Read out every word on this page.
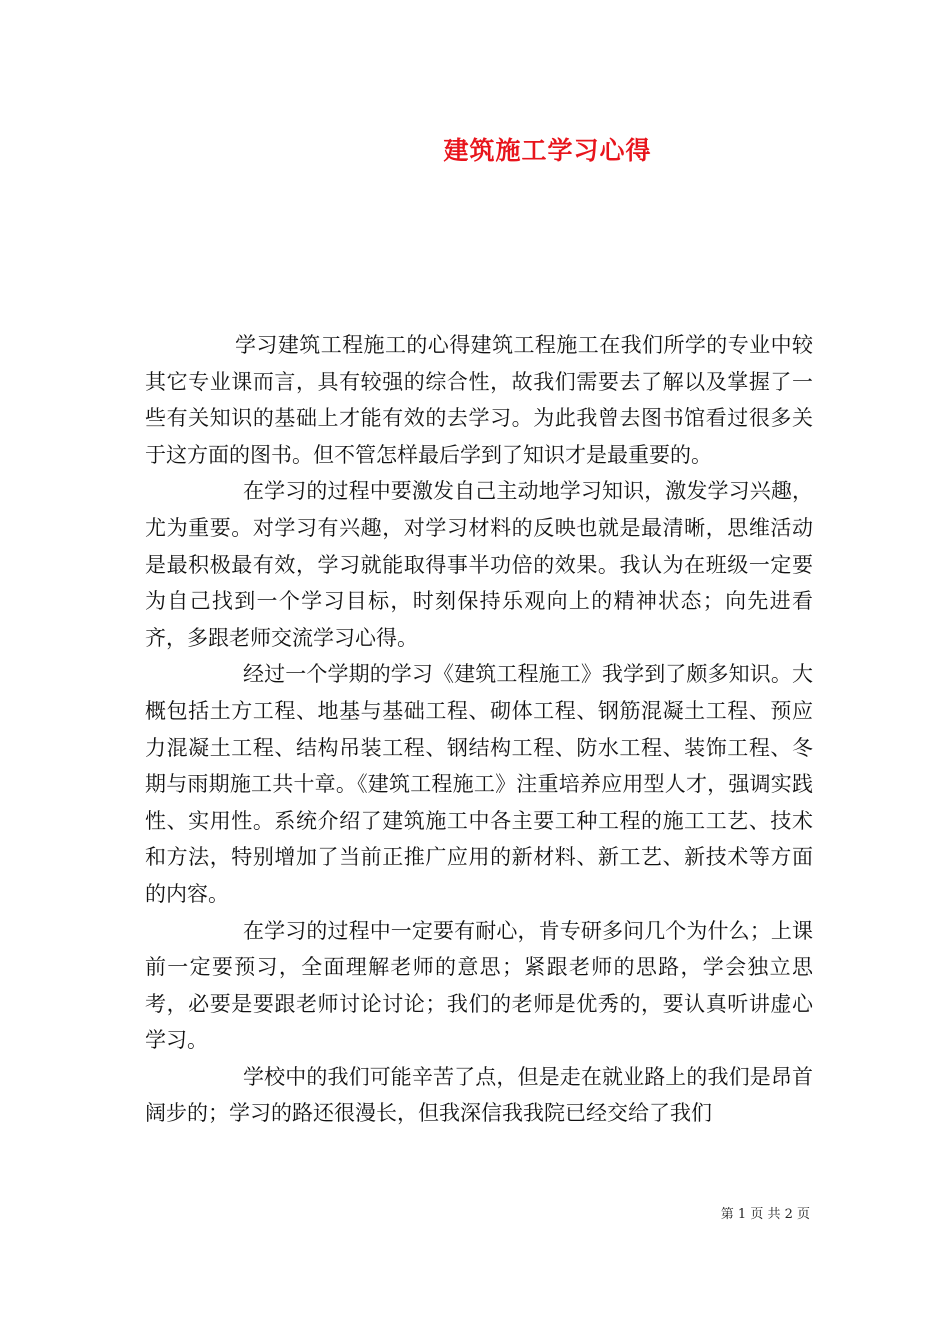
建筑施工学习心得

学习建筑工程施工的心得建筑工程施工在我们所学的专业中较其它专业课而言，具有较强的综合性，故我们需要去了解以及掌握了一些有关知识的基础上才能有效的去学习。为此我曾去图书馆看过很多关于这方面的图书。但不管怎样最后学到了知识才是最重要的。

在学习的过程中要激发自己主动地学习知识，激发学习兴趣，尤为重要。对学习有兴趣，对学习材料的反映也就是最清晰，思维活动是最积极最有效，学习就能取得事半功倍的效果。我认为在班级一定要为自己找到一个学习目标，时刻保持乐观向上的精神状态；向先进看齐，多跟老师交流学习心得。

经过一个学期的学习《建筑工程施工》我学到了颇多知识。大概包括土方工程、地基与基础工程、砌体工程、钢筋混凝土工程、预应力混凝土工程、结构吊装工程、钢结构工程、防水工程、装饰工程、冬期与雨期施工共十章。《建筑工程施工》注重培养应用型人才，强调实践性、实用性。系统介绍了建筑施工中各主要工种工程的施工工艺、技术和方法，特别增加了当前正推广应用的新材料、新工艺、新技术等方面的内容。

在学习的过程中一定要有耐心，肯专研多问几个为什么；上课前一定要预习，全面理解老师的意思；紧跟老师的思路，学会独立思考，必要是要跟老师讨论讨论；我们的老师是优秀的，要认真听讲虚心学习。

学校中的我们可能辛苦了点，但是走在就业路上的我们是昂首阔步的；学习的路还很漫长，但我深信我我院已经交给了我们

第 1 页 共 2 页
